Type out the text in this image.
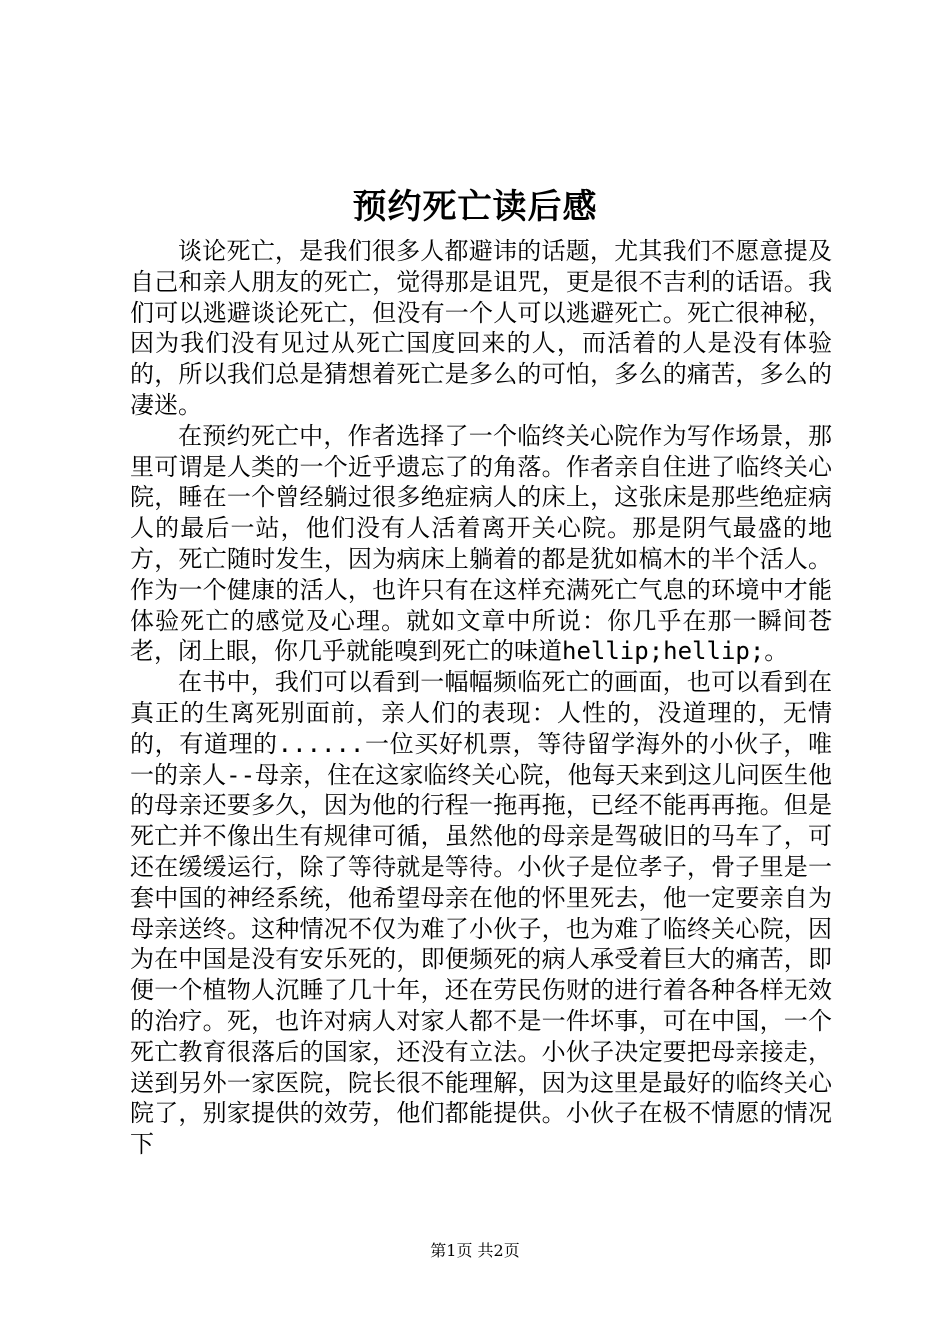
预约死亡读后感

谈论死亡，是我们很多人都避讳的话题，尤其我们不愿意提及自己和亲人朋友的死亡，觉得那是诅咒，更是很不吉利的话语。我们可以逃避谈论死亡，但没有一个人可以逃避死亡。死亡很神秘，因为我们没有见过从死亡国度回来的人，而活着的人是没有体验的，所以我们总是猜想着死亡是多么的可怕，多么的痛苦，多么的凄迷。

在预约死亡中，作者选择了一个临终关心院作为写作场景，那里可谓是人类的一个近乎遗忘了的角落。作者亲自住进了临终关心院，睡在一个曾经躺过很多绝症病人的床上，这张床是那些绝症病人的最后一站，他们没有人活着离开关心院。那是阴气最盛的地方，死亡随时发生，因为病床上躺着的都是犹如槁木的半个活人。作为一个健康的活人，也许只有在这样充满死亡气息的环境中才能体验死亡的感觉及心理。就如文章中所说：你几乎在那一瞬间苍老，闭上眼，你几乎就能嗅到死亡的味道hellip;hellip;。

在书中，我们可以看到一幅幅频临死亡的画面，也可以看到在真正的生离死别面前，亲人们的表现：人性的，没道理的，无情的，有道理的......一位买好机票，等待留学海外的小伙子，唯一的亲人--母亲，住在这家临终关心院，他每天来到这儿问医生他的母亲还要多久，因为他的行程一拖再拖，已经不能再再拖。但是死亡并不像出生有规律可循，虽然他的母亲是驾破旧的马车了，可还在缓缓运行，除了等待就是等待。小伙子是位孝子，骨子里是一套中国的神经系统，他希望母亲在他的怀里死去，他一定要亲自为母亲送终。这种情况不仅为难了小伙子，也为难了临终关心院，因为在中国是没有安乐死的，即便频死的病人承受着巨大的痛苦，即便一个植物人沉睡了几十年，还在劳民伤财的进行着各种各样无效的治疗。死，也许对病人对家人都不是一件坏事，可在中国，一个死亡教育很落后的国家，还没有立法。小伙子决定要把母亲接走，送到另外一家医院，院长很不能理解，因为这里是最好的临终关心院了，别家提供的效劳，他们都能提供。小伙子在极不情愿的情况下

第1页 共2页
